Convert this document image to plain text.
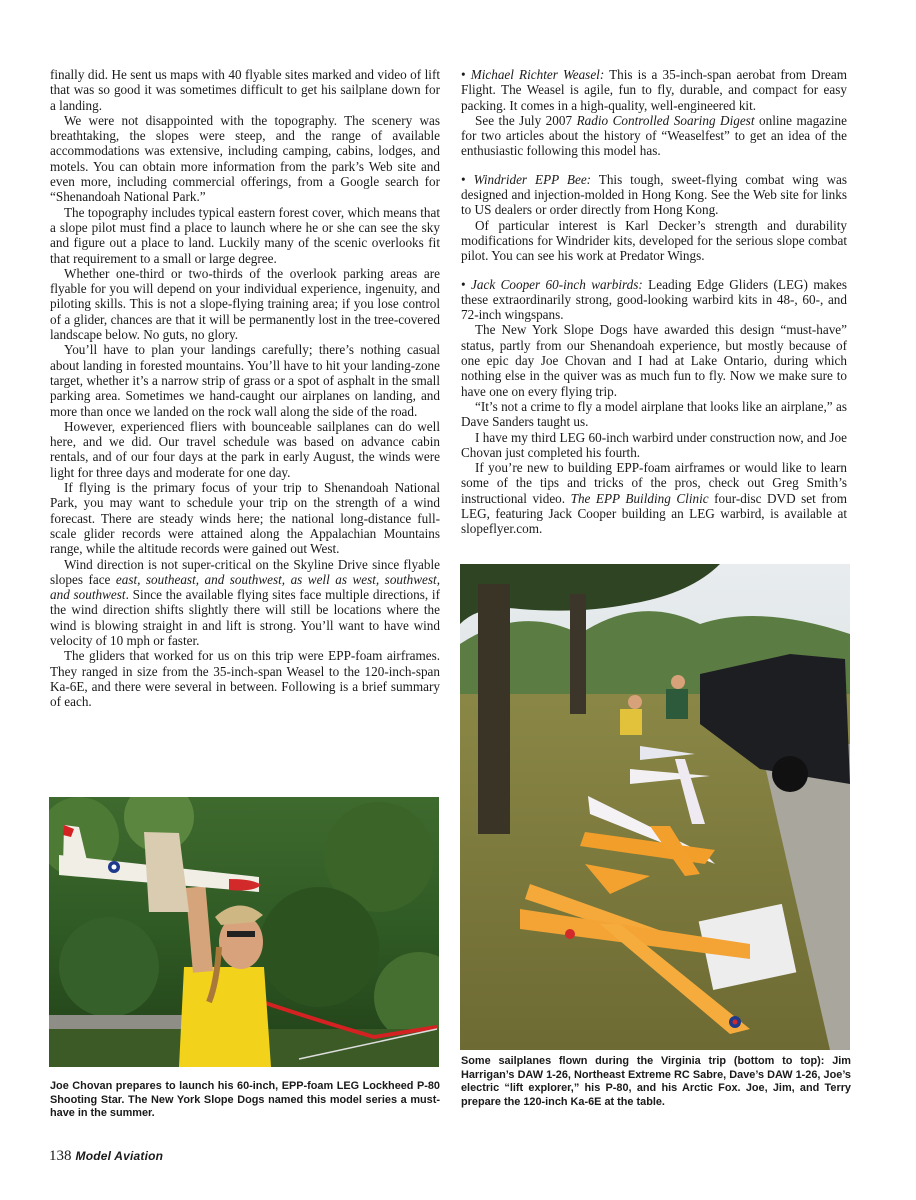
finally did. He sent us maps with 40 flyable sites marked and video of lift that was so good it was sometimes difficult to get his sailplane down for a landing.

We were not disappointed with the topography. The scenery was breathtaking, the slopes were steep, and the range of available accommodations was extensive, including camping, cabins, lodges, and motels. You can obtain more information from the park’s Web site and even more, including commercial offerings, from a Google search for “Shenandoah National Park.”

The topography includes typical eastern forest cover, which means that a slope pilot must find a place to launch where he or she can see the sky and figure out a place to land. Luckily many of the scenic overlooks fit that requirement to a small or large degree.

Whether one-third or two-thirds of the overlook parking areas are flyable for you will depend on your individual experience, ingenuity, and piloting skills. This is not a slope-flying training area; if you lose control of a glider, chances are that it will be permanently lost in the tree-covered landscape below. No guts, no glory.

You’ll have to plan your landings carefully; there’s nothing casual about landing in forested mountains. You’ll have to hit your landing-zone target, whether it’s a narrow strip of grass or a spot of asphalt in the small parking area. Sometimes we hand-caught our airplanes on landing, and more than once we landed on the rock wall along the side of the road.

However, experienced fliers with bounceable sailplanes can do well here, and we did. Our travel schedule was based on advance cabin rentals, and of our four days at the park in early August, the winds were light for three days and moderate for one day.

If flying is the primary focus of your trip to Shenandoah National Park, you may want to schedule your trip on the strength of a wind forecast. There are steady winds here; the national long-distance full-scale glider records were attained along the Appalachian Mountains range, while the altitude records were gained out West.

Wind direction is not super-critical on the Skyline Drive since flyable slopes face east, southeast, and southwest, as well as west, southwest, and southwest. Since the available flying sites face multiple directions, if the wind direction shifts slightly there will still be locations where the wind is blowing straight in and lift is strong. You’ll want to have wind velocity of 10 mph or faster.

The gliders that worked for us on this trip were EPP-foam airframes. They ranged in size from the 35-inch-span Weasel to the 120-inch-span Ka-6E, and there were several in between. Following is a brief summary of each.

• Michael Richter Weasel: This is a 35-inch-span aerobat from Dream Flight. The Weasel is agile, fun to fly, durable, and compact for easy packing. It comes in a high-quality, well-engineered kit.

See the July 2007 Radio Controlled Soaring Digest online magazine for two articles about the history of “Weaselfest” to get an idea of the enthusiastic following this model has.

• Windrider EPP Bee: This tough, sweet-flying combat wing was designed and injection-molded in Hong Kong. See the Web site for links to US dealers or order directly from Hong Kong.

Of particular interest is Karl Decker’s strength and durability modifications for Windrider kits, developed for the serious slope combat pilot. You can see his work at Predator Wings.

• Jack Cooper 60-inch warbirds: Leading Edge Gliders (LEG) makes these extraordinarily strong, good-looking warbird kits in 48-, 60-, and 72-inch wingspans.

The New York Slope Dogs have awarded this design “must-have” status, partly from our Shenandoah experience, but mostly because of one epic day Joe Chovan and I had at Lake Ontario, during which nothing else in the quiver was as much fun to fly. Now we make sure to have one on every flying trip.

“It’s not a crime to fly a model airplane that looks like an airplane,” as Dave Sanders taught us.

I have my third LEG 60-inch warbird under construction now, and Joe Chovan just completed his fourth.

If you’re new to building EPP-foam airframes or would like to learn some of the tips and tricks of the pros, check out Greg Smith’s instructional video. The EPP Building Clinic four-disc DVD set from LEG, featuring Jack Cooper building an LEG warbird, is available at slopeflyer.com.

Joe Chovan prepares to launch his 60-inch, EPP-foam LEG Lockheed P-80 Shooting Star. The New York Slope Dogs named this model series a must-have in the summer.
Some sailplanes flown during the Virginia trip (bottom to top): Jim Harrigan’s DAW 1-26, Northeast Extreme RC Sabre, Dave’s DAW 1-26, Joe’s electric “lift explorer,” his P-80, and his Arctic Fox. Joe, Jim, and Terry prepare the 120-inch Ka-6E at the table.
138 Model Aviation
